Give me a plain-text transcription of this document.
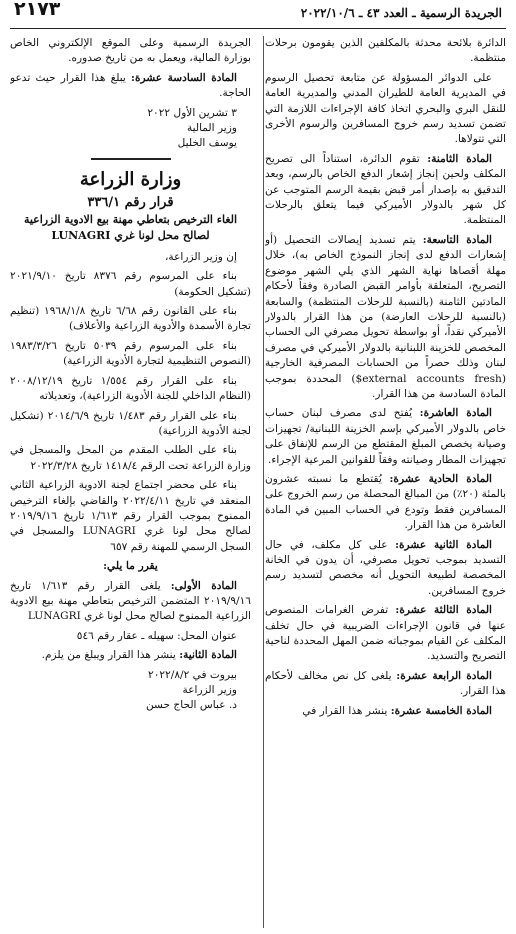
الجريدة الرسمية ـ العدد ٤٣ ـ ٢٠٢٢/١٠/٦
٢١٧٣

الدائرة بلائحة محدثة بالمكلفين الذين يقومون برحلات منتظمة.

على الدوائر المسؤولة عن متابعة تحصيل الرسوم في المديرية العامة للطيران المدني والمديرية العامة للنقل البري والبحري اتخاذ كافة الإجراءات اللازمة التي تضمن تسديد رسم خروج المسافرين والرسوم الأخرى التي تتولاها.

المادة الثامنة: تقوم الدائرة، استناداً الى تصريح المكلف ولحين إنجاز إشعار الدفع الخاص بالرسم، وبعد التدقيق به بإصدار أمر قبض بقيمة الرسم المتوجب عن كل شهر بالدولار الأميركي فيما يتعلق بالرحلات المنتظمة.

المادة التاسعة: يتم تسديد إيصالات التحصيل (أو إشعارات الدفع لدى إنجاز النموذج الخاص به)، خلال مهلة أقصاها نهاية الشهر الذي يلي الشهر موضوع التصريح، المتعلقة بأوامر القبض الصادرة وفقاً لأحكام المادتين الثامنة (بالنسبة للرحلات المنتظمة) والسابعة (بالنسبة للرحلات العارضة) من هذا القرار بالدولار الأميركي نقداً، أو بواسطة تحويل مصرفي الى الحساب المخصص للخزينة اللبنانية بالدولار الأميركي في مصرف لبنان وذلك حصراً من الحسابات المصرفية الخارجية (external accounts fresh$) المحددة بموجب المادة السادسة من هذا القرار.

المادة العاشرة: يُفتح لدى مصرف لبنان حساب خاص بالدولار الأميركي بإسم الخزينة اللبنانية/ تجهيزات وصيانة يخصص المبلغ المقتطع من الرسم للإنفاق على تجهيزات المطار وصيانته وفقاً للقوانين المرعية الإجراء.

المادة الحادية عشرة: يُقتطع ما نسبته عشرون بالمئة (٢٠٪) من المبالغ المحصلة من رسم الخروج على المسافرين فقط وتودع في الحساب المبين في المادة العاشرة من هذا القرار.

المادة الثانية عشرة: على كل مكلف، في حال التسديد بموجب تحويل مصرفي، أن يدون في الخانة المخصصة لطبيعة التحويل أنه مخصص لتسديد رسم خروج المسافرين.

المادة الثالثة عشرة: تفرض الغرامات المنصوص عنها في قانون الإجراءات الضريبية في حال تخلف المكلف عن القيام بموجباته ضمن المهل المحددة لناحية التصريح والتسديد.

المادة الرابعة عشرة: يلغى كل نص مخالف لأحكام هذا القرار.

المادة الخامسة عشرة: ينشر هذا القرار في

الجريدة الرسمية وعلى الموقع الإلكتروني الخاص بوزارة المالية، ويعمل به من تاريخ صدوره.

المادة السادسة عشرة: يبلغ هذا القرار حيث تدعو الحاجة.

٣ تشرين الأول ٢٠٢٢

وزير المالية

يوسف الخليل

وزارة الزراعة
قرار رقم ٣٣٦/١
الغاء الترخيص بتعاطي مهنة بيع الادوية الزراعية لصالح محل لونا غري LUNAGRI

إن وزير الزراعة،

بناء على المرسوم رقم ٨٣٧٦ تاريخ ٢٠٢١/٩/١٠ (تشكيل الحكومة)

بناء على القانون رقم ٦/٦٨ تاريخ ١٩٦٨/١/٨ (تنظيم تجارة الأسمدة والأدوية الزراعية والأعلاف)

بناء على المرسوم رقم ٥٠٣٩ تاريخ ١٩٨٣/٣/٢٦ (النصوص التنظيمية لتجارة الأدوية الزراعية)

بناء على القرار رقم ١/٥٥٤ تاريخ ٢٠٠٨/١٢/١٩ (النظام الداخلي للجنة الأدوية الزراعية)، وتعديلاته

بناء على القرار رقم ١/٤٨٣ تاريخ ٢٠١٤/٦/٩ (تشكيل لجنة الأدوية الزراعية)

بناء على الطلب المقدم من المحل والمسجل في وزارة الزراعة تحت الرقم ١٤١٨/٤ تاريخ ٢٠٢٢/٣/٢٨

بناء على محضر اجتماع لجنة الادوية الزراعية الثاني المنعقد في تاريخ ٢٠٢٢/٤/١١ والقاضي بإلغاء الترخيص الممنوح بموجب القرار رقم ١/٦١٣ تاريخ ٢٠١٩/٩/١٦ لصالح محل لونا غري LUNAGRI والمسجل في السجل الرسمي للمهنة رقم ٦٥٧

يقرر ما يلي:

المادة الأولى: يلغى القرار رقم ١/٦١٣ تاريخ ٢٠١٩/٩/١٦ المتضمن الترخيص بتعاطي مهنة بيع الادوية الزراعية الممنوح لصالح محل لونا غري LUNAGRI

عنوان المحل: سهيله ـ عقار رقم ٥٤٦

المادة الثانية: ينشر هذا القرار ويبلغ من يلزم.

بيروت في ٢٠٢٢/٨/٢

وزير الزراعة

د. عباس الحاج حسن
